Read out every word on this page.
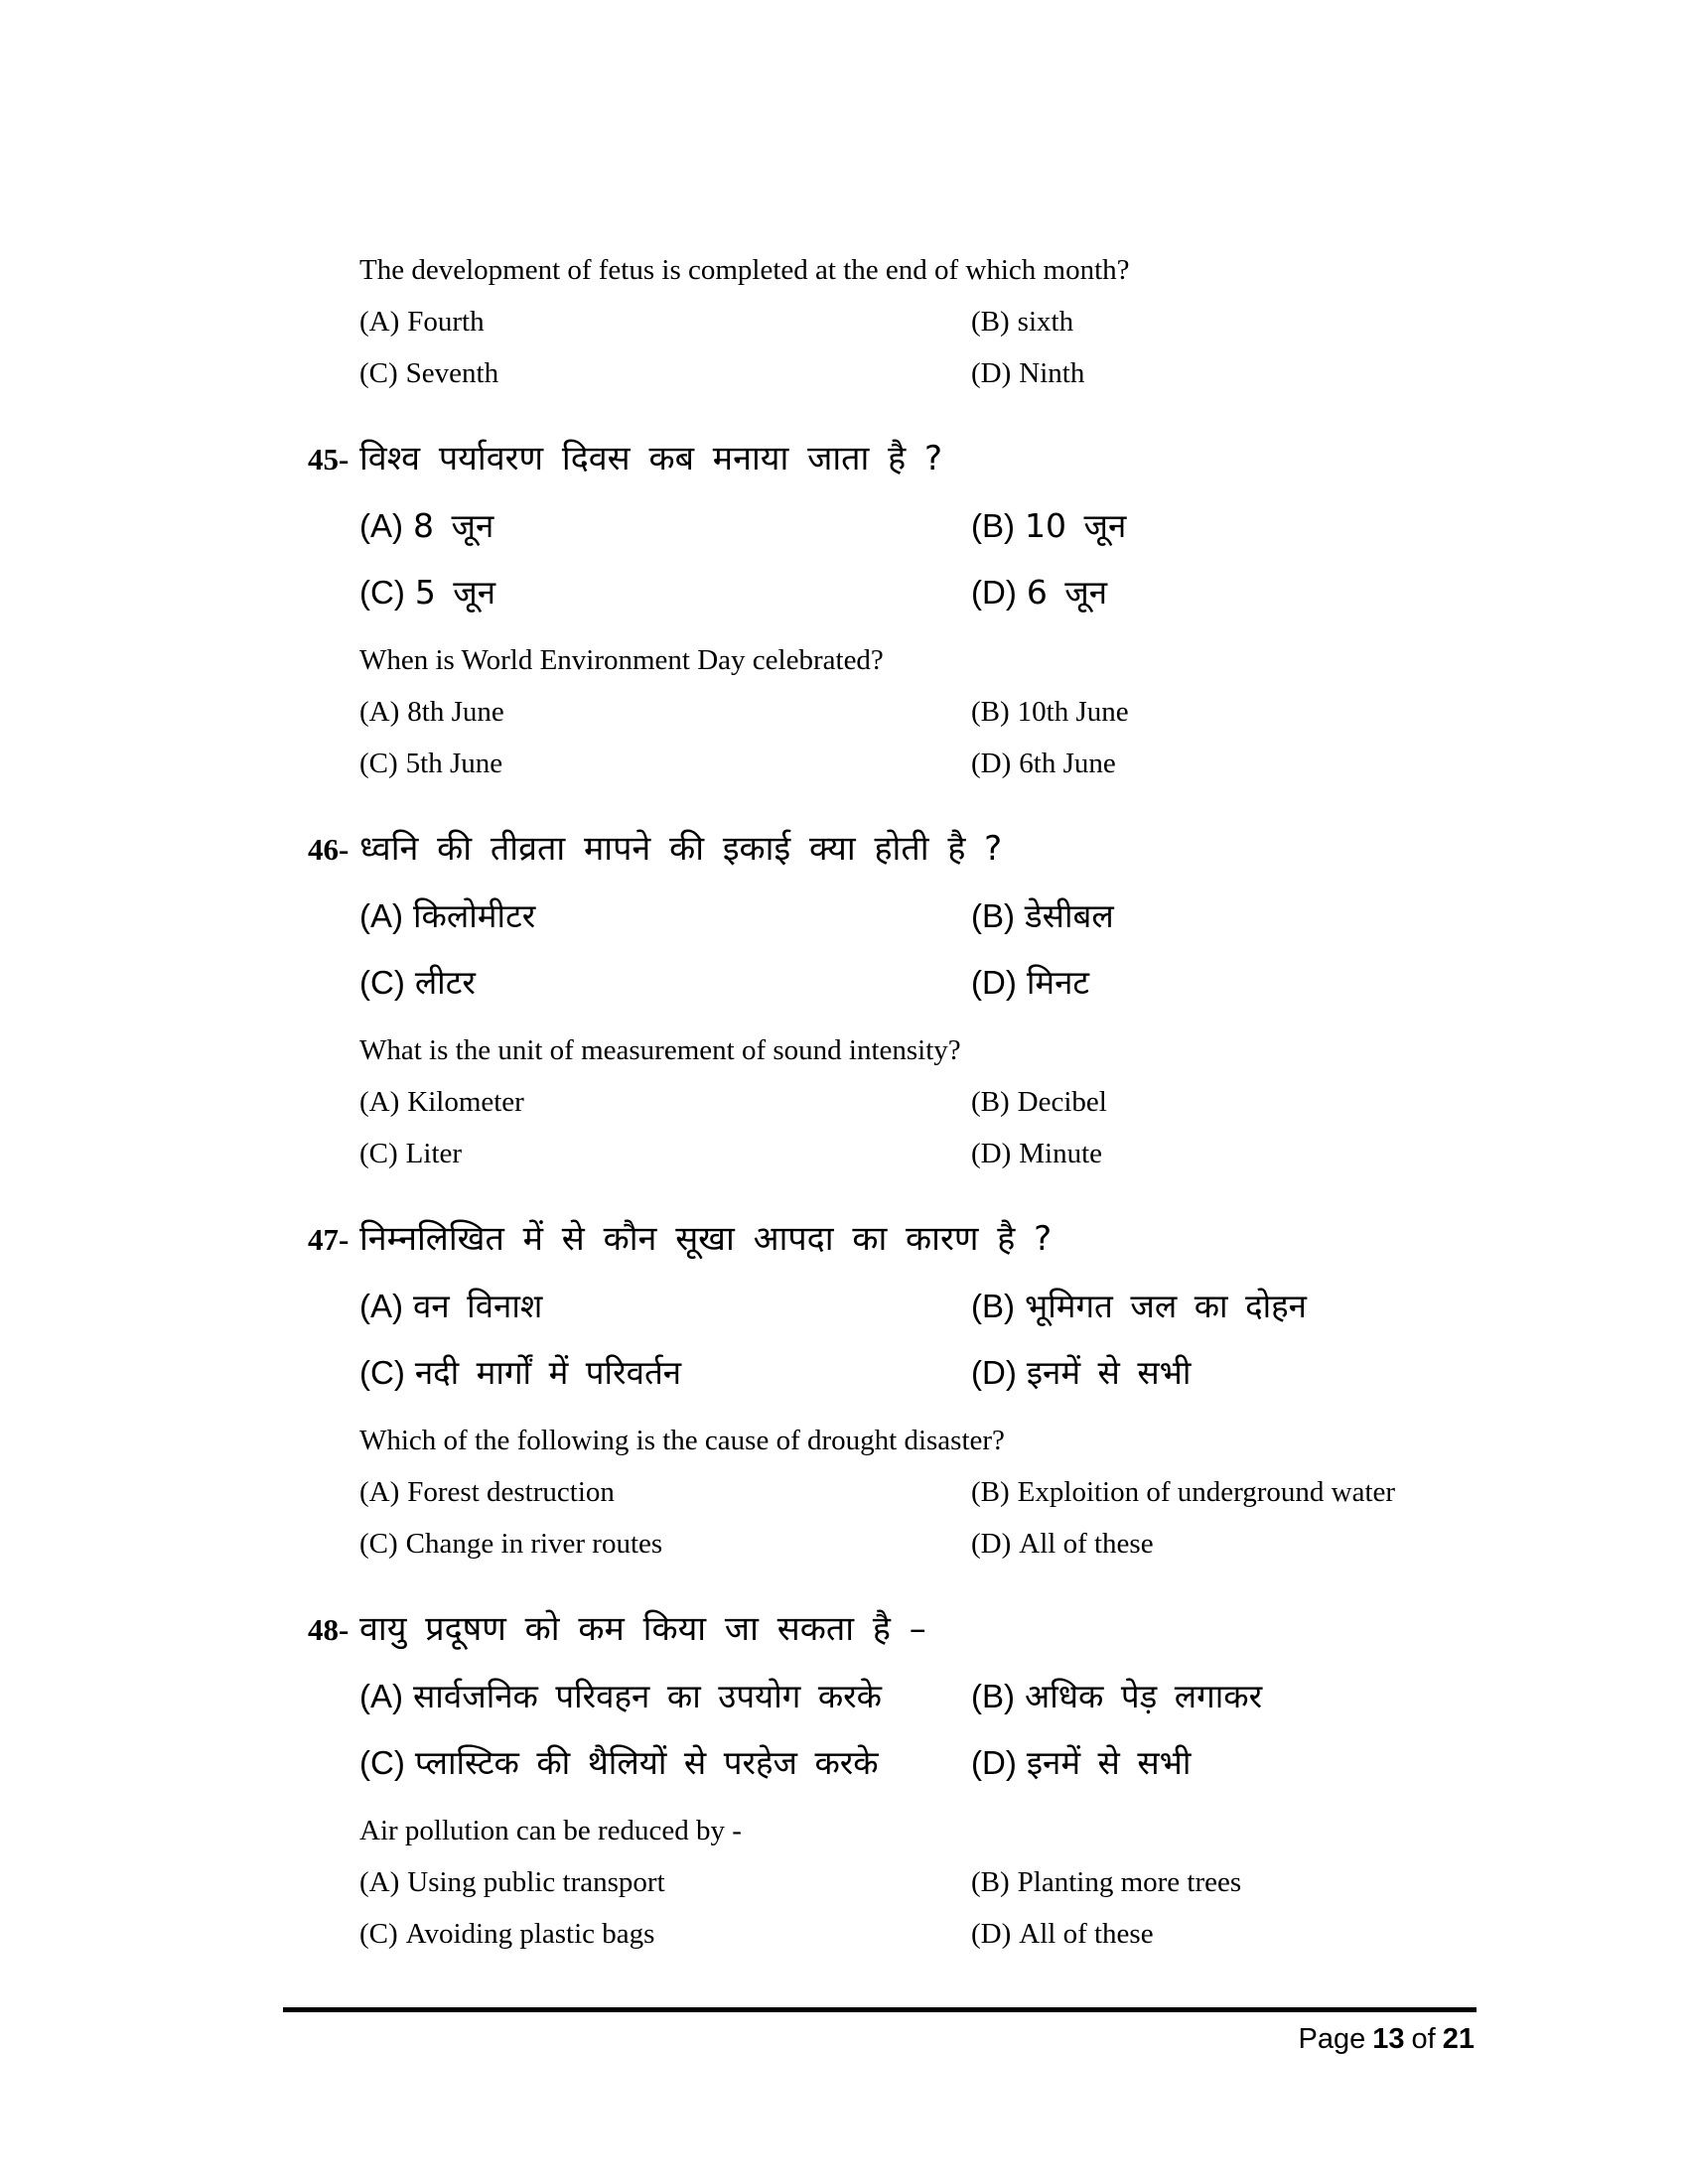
The development of fetus is completed at the end of which month?
(A) Fourth	(B) sixth
(C) Seventh	(D) Ninth
45- विश्व पर्यावरण दिवस कब मनाया जाता है ?
(A) 8 जून	(B) 10 जून
(C) 5 जून	(D) 6 जून
When is World Environment Day celebrated?
(A) 8th June	(B) 10th June
(C) 5th June	(D) 6th June
46- ध्वनि की तीव्रता मापने की इकाई क्या होती है ?
(A) किलोमीटर	(B) डेसीबल
(C) लीटर	(D) मिनट
What is the unit of measurement of sound intensity?
(A) Kilometer	(B) Decibel
(C) Liter	(D) Minute
47- निम्नलिखित में से कौन सूखा आपदा का कारण है ?
(A) वन विनाश	(B) भूमिगत जल का दोहन
(C) नदी मार्गों में परिवर्तन	(D) इनमें से सभी
Which of the following is the cause of drought disaster?
(A) Forest destruction	(B) Exploition of underground water
(C) Change in river routes	(D) All of these
48- वायु प्रदूषण को कम किया जा सकता है –
(A) सार्वजनिक परिवहन का उपयोग करके	(B) अधिक पेड़ लगाकर
(C) प्लास्टिक की थैलियों से परहेज करके	(D) इनमें से सभी
Air pollution can be reduced by -
(A) Using public transport	(B) Planting more trees
(C) Avoiding plastic bags	(D) All of these
Page 13 of 21
